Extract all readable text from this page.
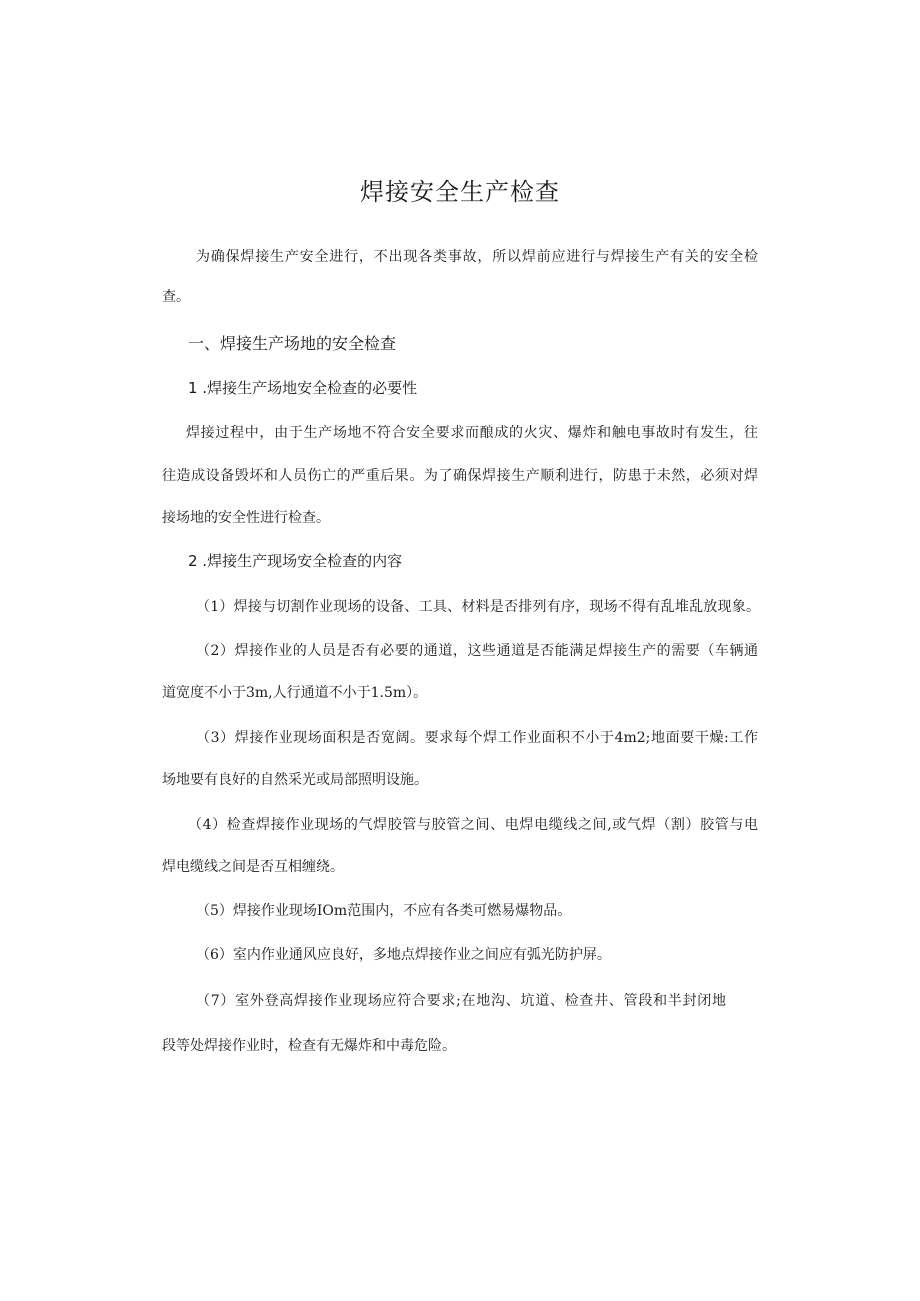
焊接安全生产检查
为确保焊接生产安全进行，不出现各类事故，所以焊前应进行与焊接生产有关的安全检
查。
一、焊接生产场地的安全检查
1 .焊接生产场地安全检查的必要性
焊接过程中，由于生产场地不符合安全要求而酿成的火灾、爆炸和触电事故时有发生，往
往造成设备毁坏和人员伤亡的严重后果。为了确保焊接生产顺利进行，防患于未然，必须对焊
接场地的安全性进行检查。
2 .焊接生产现场安全检查的内容
（1）焊接与切割作业现场的设备、工具、材料是否排列有序，现场不得有乱堆乱放现象。
（2）焊接作业的人员是否有必要的通道，这些通道是否能满足焊接生产的需要（车辆通
道宽度不小于3m,人行通道不小于1.5m）。
（3）焊接作业现场面积是否宽阔。要求每个焊工作业面积不小于4m2;地面要干燥:工作
场地要有良好的自然采光或局部照明设施。
（4）检查焊接作业现场的气焊胶管与胶管之间、电焊电缆线之间,或气焊（割）胶管与电
焊电缆线之间是否互相缠绕。
（5）焊接作业现场IOm范围内，不应有各类可燃易爆物品。
（6）室内作业通风应良好，多地点焊接作业之间应有弧光防护屏。
（7）室外登高焊接作业现场应符合要求;在地沟、坑道、检查井、管段和半封闭地
段等处焊接作业时，检查有无爆炸和中毒危险。
